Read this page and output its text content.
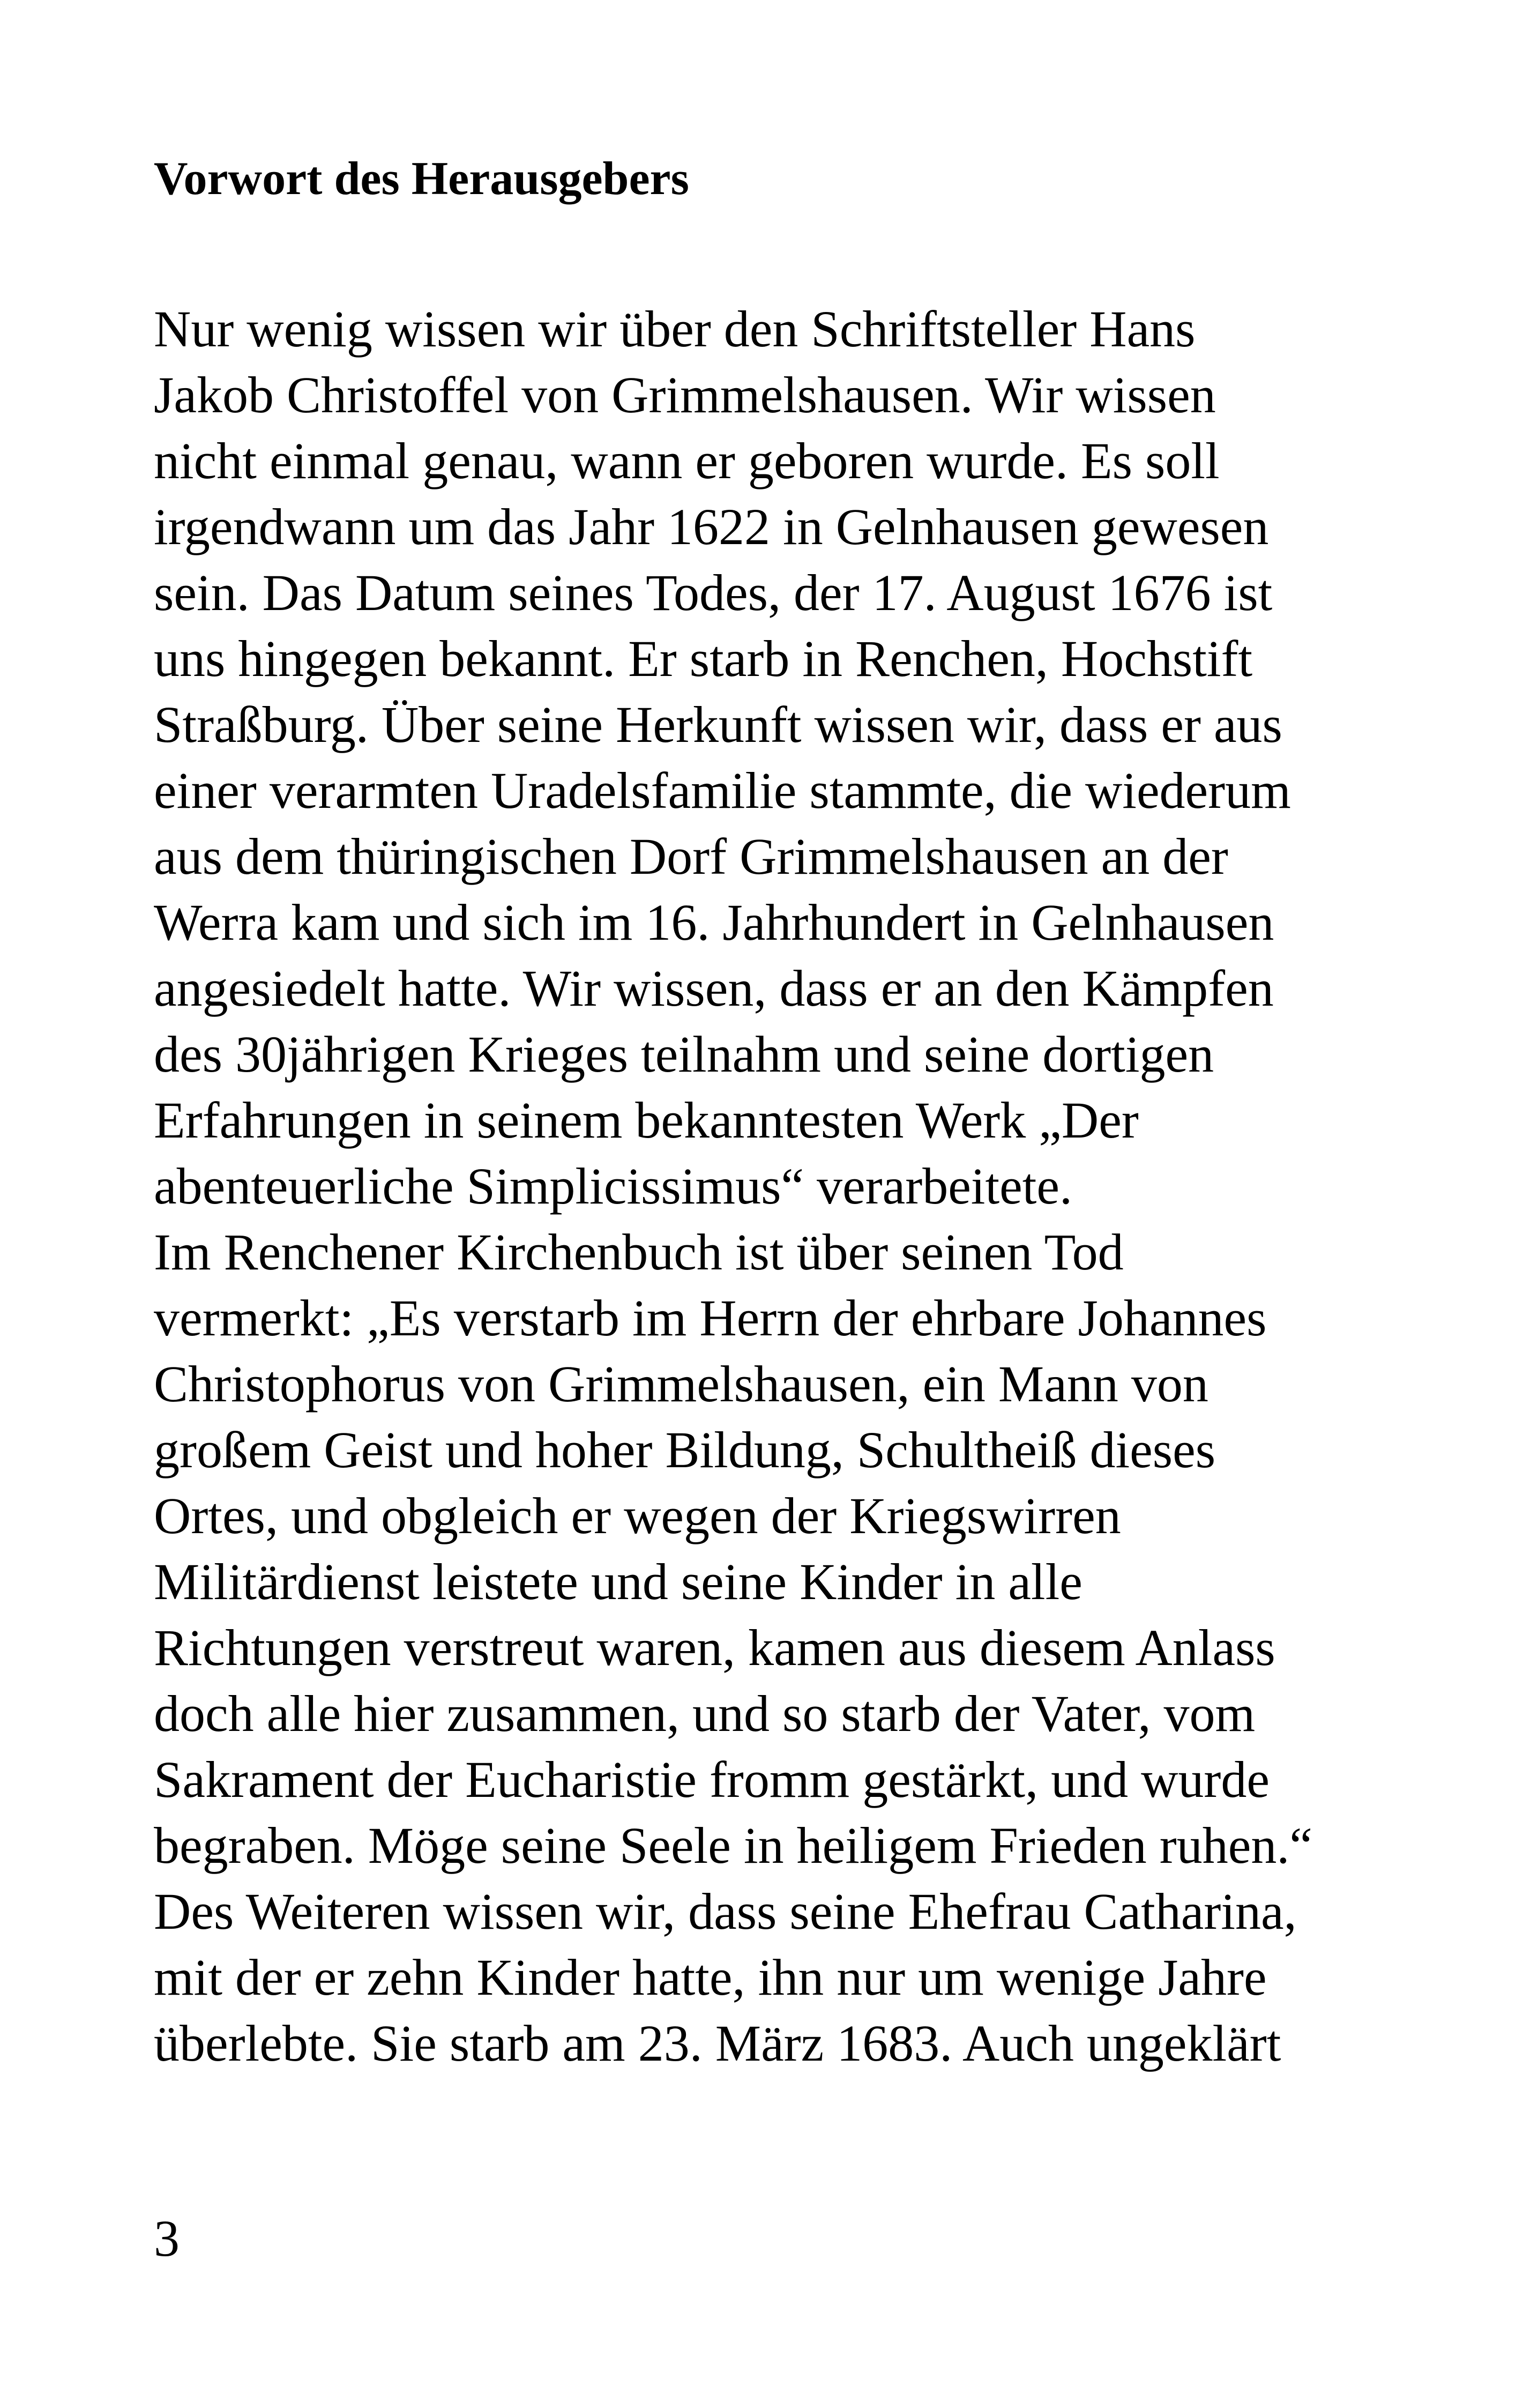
Vorwort des Herausgebers
Nur wenig wissen wir über den Schriftsteller Hans
Jakob Christoffel von Grimmelshausen. Wir wissen
nicht einmal genau, wann er geboren wurde. Es soll
irgendwann um das Jahr 1622 in Gelnhausen gewesen
sein. Das Datum seines Todes, der 17. August 1676 ist
uns hingegen bekannt. Er starb in Renchen, Hochstift
Straßburg. Über seine Herkunft wissen wir, dass er aus
einer verarmten Uradelsfamilie stammte, die wiederum
aus dem thüringischen Dorf Grimmelshausen an der
Werra kam und sich im 16. Jahrhundert in Gelnhausen
angesiedelt hatte. Wir wissen, dass er an den Kämpfen
des 30jährigen Krieges teilnahm und seine dortigen
Erfahrungen in seinem bekanntesten Werk „Der
abenteuerliche Simplicissimus“ verarbeitete.
Im Renchener Kirchenbuch ist über seinen Tod
vermerkt: „Es verstarb im Herrn der ehrbare Johannes
Christophorus von Grimmelshausen, ein Mann von
großem Geist und hoher Bildung, Schultheiß dieses
Ortes, und obgleich er wegen der Kriegswirren
Militärdienst leistete und seine Kinder in alle
Richtungen verstreut waren, kamen aus diesem Anlass
doch alle hier zusammen, und so starb der Vater, vom
Sakrament der Eucharistie fromm gestärkt, und wurde
begraben. Möge seine Seele in heiligem Frieden ruhen.“
Des Weiteren wissen wir, dass seine Ehefrau Catharina,
mit der er zehn Kinder hatte, ihn nur um wenige Jahre
überlebte. Sie starb am 23. März 1683. Auch ungeklärt
3
